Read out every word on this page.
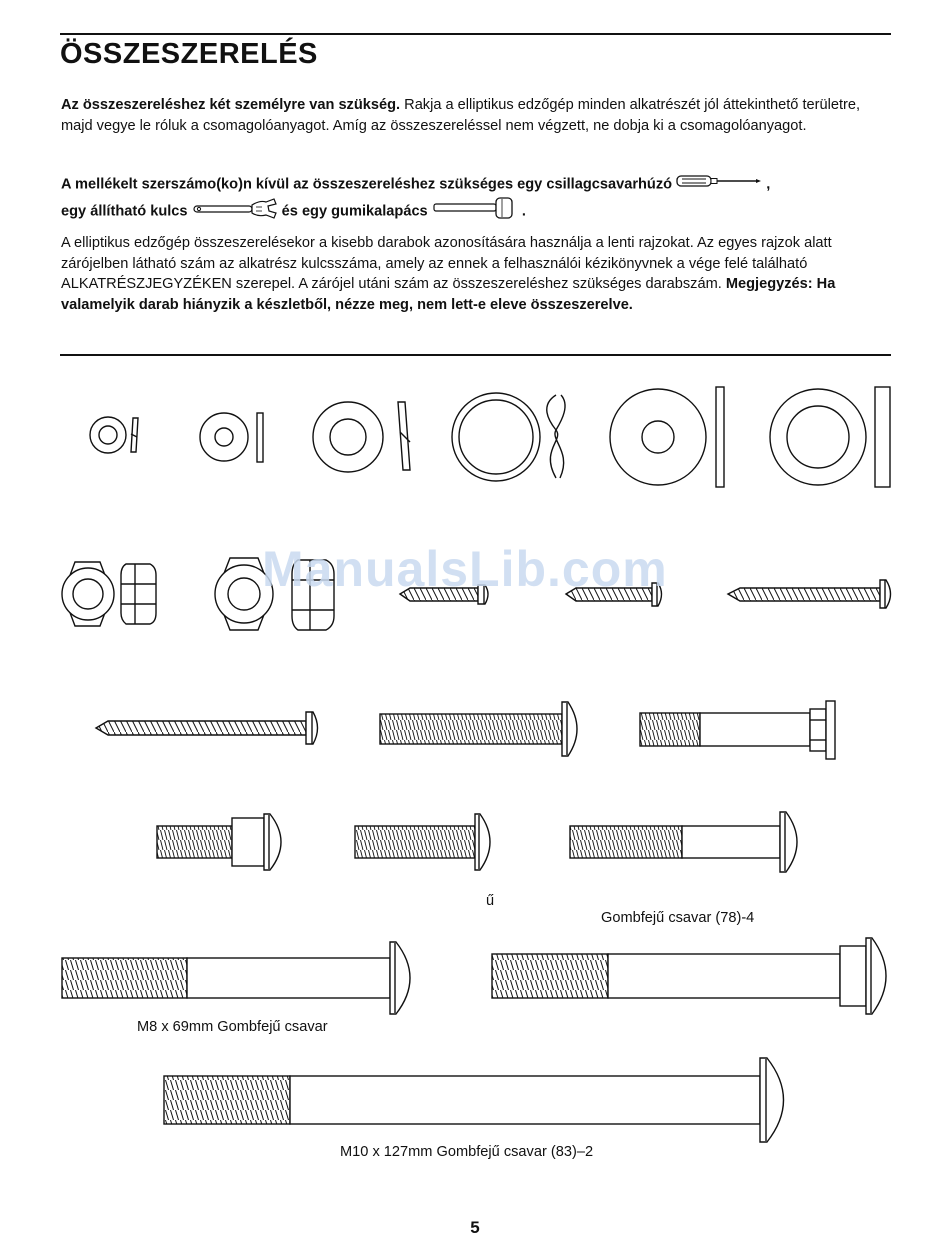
ÖSSZESZERELÉS

Az összeszereléshez két személyre van szükség. Rakja a elliptikus edzőgép minden alkatrészét jól áttekinthető területre, majd vegye le róluk a csomagolóanyagot. Amíg az összeszereléssel nem végzett, ne dobja ki a csomagolóanyagot.

A mellékelt szerszámo(ko)n kívül az összeszereléshez szükséges egy csillagcsavarhúzó	,
egy állítható kulcs	és egy gumikalapács	.

A elliptikus edzőgép összeszerelésekor a kisebb darabok azonosítására használja a lenti rajzokat. Az egyes rajzok alatt zárójelben látható szám az alkatrész kulcsszáma, amely az ennek a felhasználói kézikönyvnek a vége felé található ALKATRÉSZJEGYZÉKEN szerepel. A zárójel utáni szám az összeszereléshez szükséges darabszám. Megjegyzés: Ha valamelyik darab hiányzik a készletből, nézze meg, nem lett-e eleve összeszerelve.

ManualsLib.com
ű
Gombfejű csavar (78)-4
M8 x 69mm Gombfejű csavar
M10 x 127mm Gombfejű csavar (83)–2
5
